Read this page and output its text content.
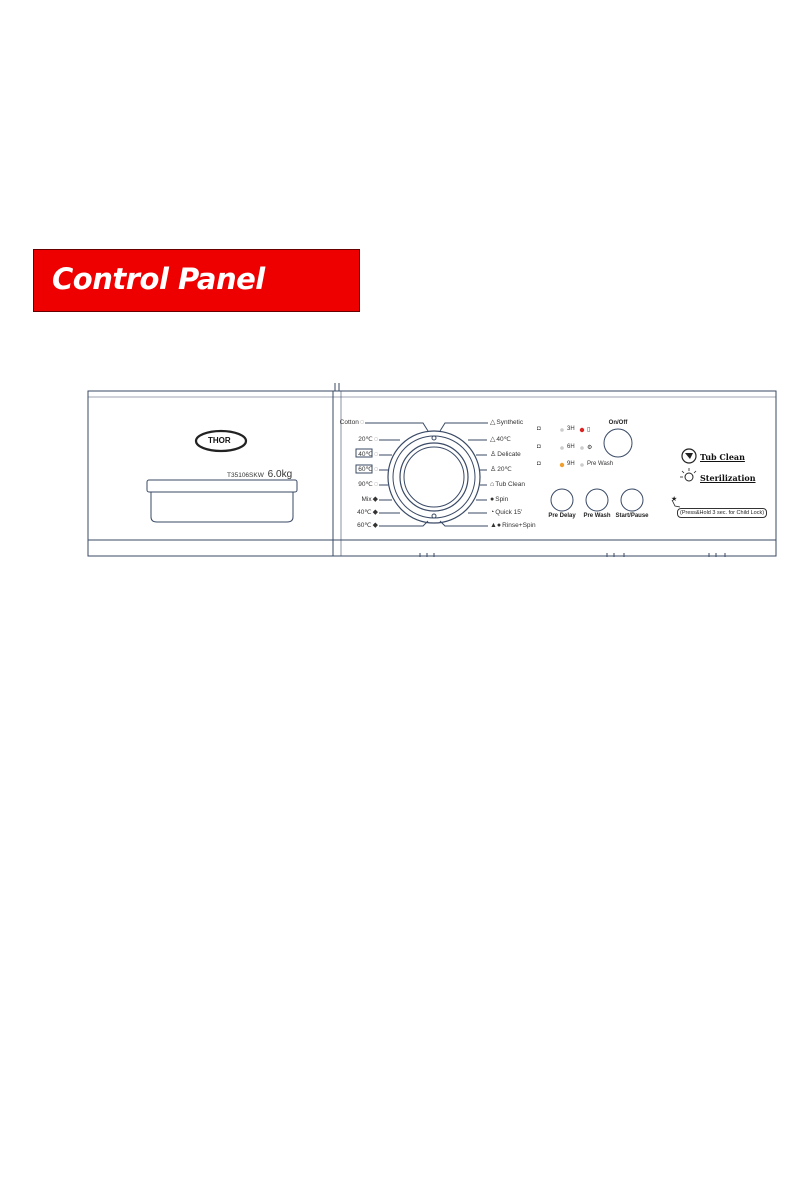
Control Panel
★
THOR
T35106SKW 6.0kg
Cotton◌
20℃◌
40℃◌
60℃◌
90℃◌
Mix◆
40℃◆
60℃◆
△Synthetic
△40℃
♙Delicate
♙20℃
⌂Tub Clean
●Spin
◔Quick 15'
▲●Rinse+Spin
◘	3H ▯
◘	6H ⚙
◘	9H Pre Wash
On/Off
Pre Delay	Pre Wash Start/Pause
Tub Clean
Sterilization
(Press&Hold 3 sec. for Child Lock)
